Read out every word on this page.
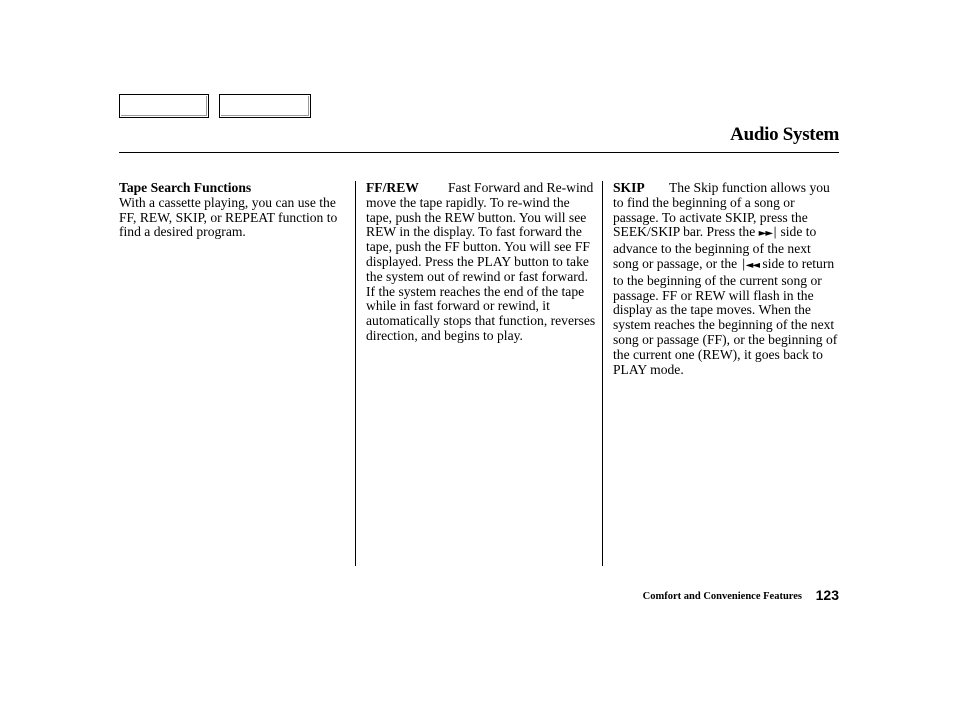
Audio System
Tape Search Functions

With a cassette playing, you can use the FF, REW, SKIP, or REPEAT function to find a desired program.

FF/REW Fast Forward and Re-wind move the tape rapidly. To re-wind the tape, push the REW button. You will see REW in the display. To fast forward the tape, push the FF button. You will see FF displayed. Press the PLAY button to take the system out of rewind or fast forward. If the system reaches the end of the tape while in fast forward or rewind, it automatically stops that function, reverses direction, and begins to play.

SKIP The Skip function allows you to find the beginning of a song or passage. To activate SKIP, press the SEEK/SKIP bar. Press the ►►│ side to advance to the beginning of the next song or passage, or the │◄◄ side to return to the beginning of the current song or passage. FF or REW will flash in the display as the tape moves. When the system reaches the beginning of the next song or passage (FF), or the beginning of the current one (REW), it goes back to PLAY mode.

Comfort and Convenience Features 123
